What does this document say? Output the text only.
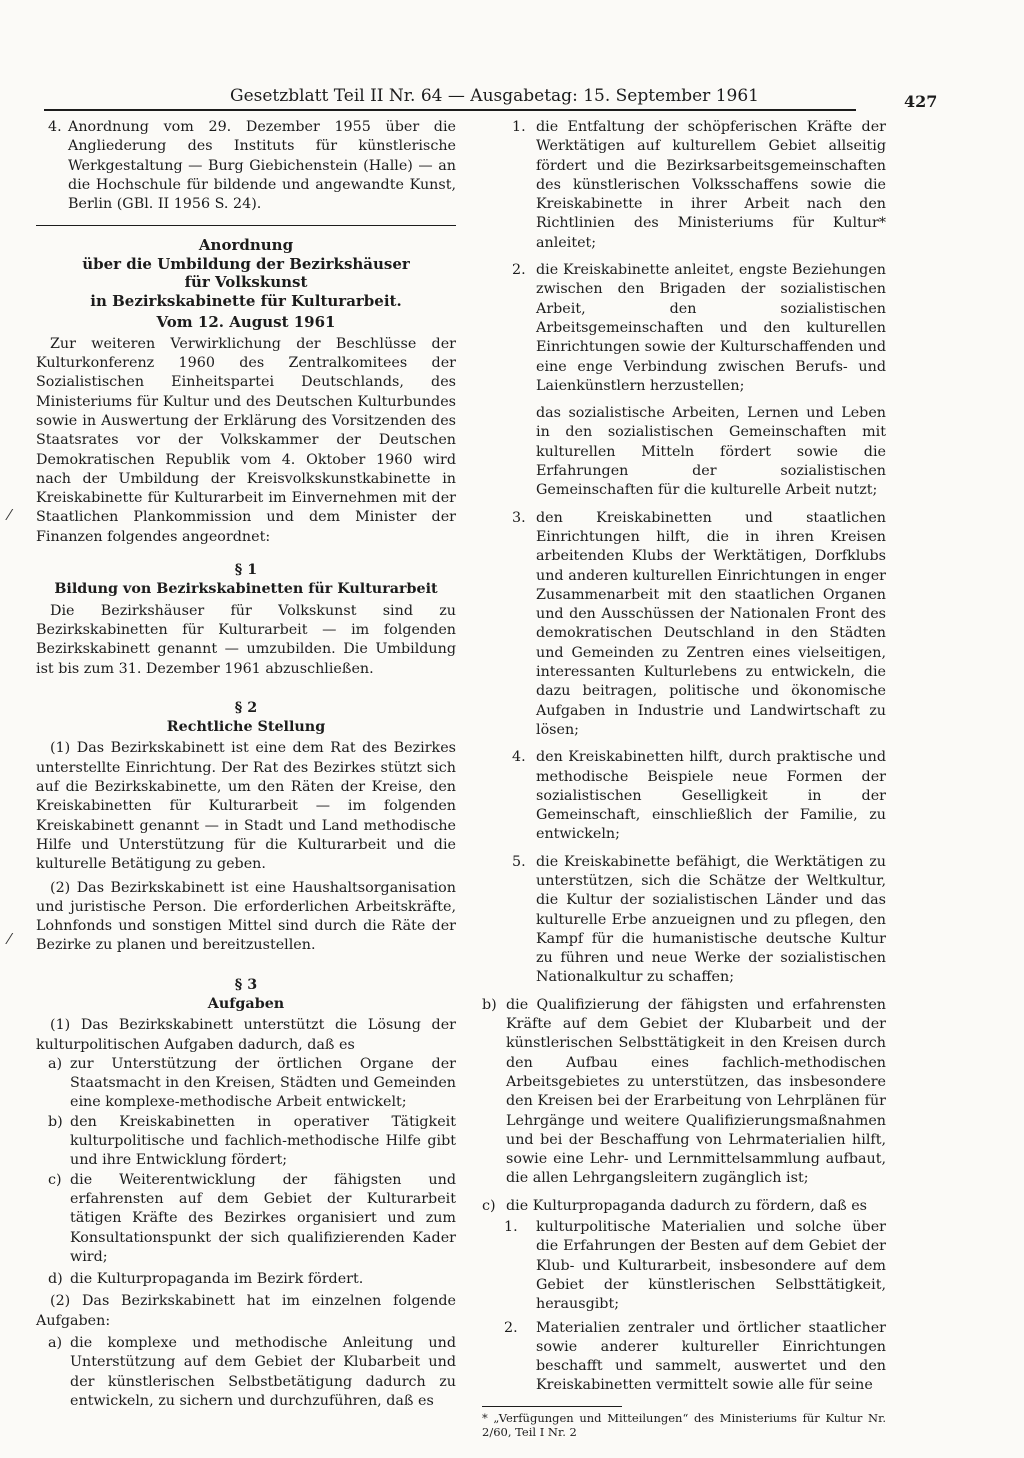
Gesetzblatt Teil II Nr. 64 — Ausgabetag: 15. September 1961	427
⁄
⁄
4. Anordnung vom 29. Dezember 1955 über die Angliederung des Instituts für künstlerische Werkgestaltung — Burg Giebichenstein (Halle) — an die Hochschule für bildende und angewandte Kunst, Berlin (GBl. II 1956 S. 24).
Anordnung
über die Umbildung der Bezirkshäuser
für Volkskunst
in Bezirkskabinette für Kulturarbeit.
Vom 12. August 1961

Zur weiteren Verwirklichung der Beschlüsse der Kulturkonferenz 1960 des Zentralkomitees der Sozialistischen Einheitspartei Deutschlands, des Ministeriums für Kultur und des Deutschen Kulturbundes sowie in Auswertung der Erklärung des Vorsitzenden des Staatsrates vor der Volkskammer der Deutschen Demokratischen Republik vom 4. Oktober 1960 wird nach der Umbildung der Kreisvolkskunstkabinette in Kreiskabinette für Kulturarbeit im Einvernehmen mit der Staatlichen Plankommission und dem Minister der Finanzen folgendes angeordnet:

§ 1
Bildung von Bezirkskabinetten für Kulturarbeit

Die Bezirkshäuser für Volkskunst sind zu Bezirkskabinetten für Kulturarbeit — im folgenden Bezirkskabinett genannt — umzubilden. Die Umbildung ist bis zum 31. Dezember 1961 abzuschließen.

§ 2
Rechtliche Stellung

(1) Das Bezirkskabinett ist eine dem Rat des Bezirkes unterstellte Einrichtung. Der Rat des Bezirkes stützt sich auf die Bezirkskabinette, um den Räten der Kreise, den Kreiskabinetten für Kulturarbeit — im folgenden Kreiskabinett genannt — in Stadt und Land methodische Hilfe und Unterstützung für die Kulturarbeit und die kulturelle Betätigung zu geben.

(2) Das Bezirkskabinett ist eine Haushaltsorganisation und juristische Person. Die erforderlichen Arbeitskräfte, Lohnfonds und sonstigen Mittel sind durch die Räte der Bezirke zu planen und bereitzustellen.

§ 3
Aufgaben

(1) Das Bezirkskabinett unterstützt die Lösung der kulturpolitischen Aufgaben dadurch, daß es

a) zur Unterstützung der örtlichen Organe der Staatsmacht in den Kreisen, Städten und Gemeinden eine komplexe-methodische Arbeit entwickelt;
b) den Kreiskabinetten in operativer Tätigkeit kulturpolitische und fachlich-methodische Hilfe gibt und ihre Entwicklung fördert;
c) die Weiterentwicklung der fähigsten und erfahrensten auf dem Gebiet der Kulturarbeit tätigen Kräfte des Bezirkes organisiert und zum Konsultationspunkt der sich qualifizierenden Kader wird;
d) die Kulturpropaganda im Bezirk fördert.

(2) Das Bezirkskabinett hat im einzelnen folgende Aufgaben:

a) die komplexe und methodische Anleitung und Unterstützung auf dem Gebiet der Klubarbeit und der künstlerischen Selbstbetätigung dadurch zu entwickeln, zu sichern und durchzuführen, daß es
1. die Entfaltung der schöpferischen Kräfte der Werktätigen auf kulturellem Gebiet allseitig fördert und die Bezirksarbeitsgemeinschaften des künstlerischen Volksschaffens sowie die Kreiskabinette in ihrer Arbeit nach den Richtlinien des Ministeriums für Kultur* anleitet;
2. die Kreiskabinette anleitet, engste Beziehungen zwischen den Brigaden der sozialistischen Arbeit, den sozialistischen Arbeitsgemeinschaften und den kulturellen Einrichtungen sowie der Kulturschaffenden und eine enge Verbindung zwischen Berufs- und Laienkünstlern herzustellen;
das sozialistische Arbeiten, Lernen und Leben in den sozialistischen Gemeinschaften mit kulturellen Mitteln fördert sowie die Erfahrungen der sozialistischen Gemeinschaften für die kulturelle Arbeit nutzt;
3. den Kreiskabinetten und staatlichen Einrichtungen hilft, die in ihren Kreisen arbeitenden Klubs der Werktätigen, Dorfklubs und anderen kulturellen Einrichtungen in enger Zusammenarbeit mit den staatlichen Organen und den Ausschüssen der Nationalen Front des demokratischen Deutschland in den Städten und Gemeinden zu Zentren eines vielseitigen, interessanten Kulturlebens zu entwickeln, die dazu beitragen, politische und ökonomische Aufgaben in Industrie und Landwirtschaft zu lösen;
4. den Kreiskabinetten hilft, durch praktische und methodische Beispiele neue Formen der sozialistischen Geselligkeit in der Gemeinschaft, einschließlich der Familie, zu entwickeln;
5. die Kreiskabinette befähigt, die Werktätigen zu unterstützen, sich die Schätze der Weltkultur, die Kultur der sozialistischen Länder und das kulturelle Erbe anzueignen und zu pflegen, den Kampf für die humanistische deutsche Kultur zu führen und neue Werke der sozialistischen Nationalkultur zu schaffen;
b) die Qualifizierung der fähigsten und erfahrensten Kräfte auf dem Gebiet der Klubarbeit und der künstlerischen Selbsttätigkeit in den Kreisen durch den Aufbau eines fachlich-methodischen Arbeitsgebietes zu unterstützen, das insbesondere den Kreisen bei der Erarbeitung von Lehrplänen für Lehrgänge und weitere Qualifizierungsmaßnahmen und bei der Beschaffung von Lehrmaterialien hilft, sowie eine Lehr- und Lernmittelsammlung aufbaut, die allen Lehrgangsleitern zugänglich ist;
c) die Kulturpropaganda dadurch zu fördern, daß es
1.	kulturpolitische Materialien und solche über die Erfahrungen der Besten auf dem Gebiet der Klub- und Kulturarbeit, insbesondere auf dem Gebiet der künstlerischen Selbsttätigkeit, herausgibt;
2.	Materialien zentraler und örtlicher staatlicher sowie anderer kultureller Einrichtungen beschafft und sammelt, auswertet und den Kreiskabinetten vermittelt sowie alle für seine
* „Verfügungen und Mitteilungen“ des Ministeriums für Kultur Nr. 2/60, Teil I Nr. 2
